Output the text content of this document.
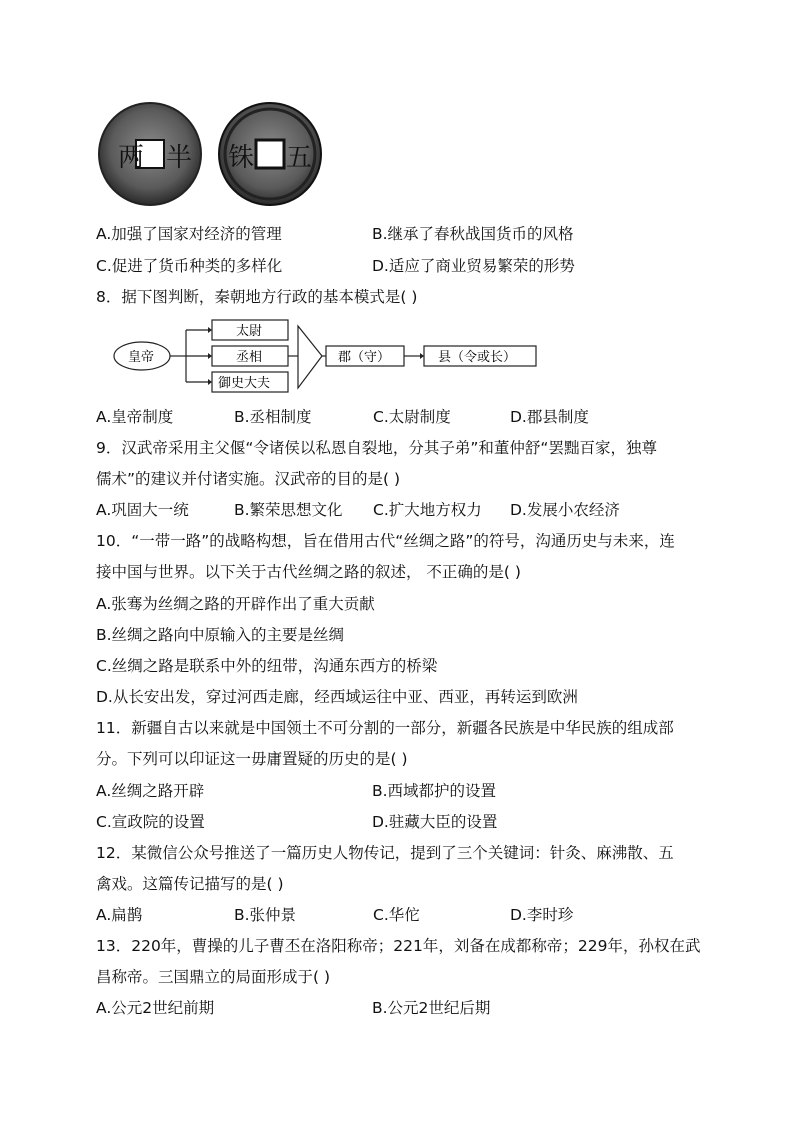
两 半	五
铢
A.加强了国家对经济的管理	B.继承了春秋战国货币的风格
C.促进了货币种类的多样化	D.适应了商业贸易繁荣的形势
8．据下图判断，秦朝地方行政的基本模式是( )
皇帝
太尉
丞相
御史大夫
郡（守）	县（令或长）
A.皇帝制度	B.丞相制度	C.太尉制度	D.郡县制度
9．汉武帝采用主父偃“令诸侯以私恩自裂地，分其子弟”和董仲舒“罢黜百家，独尊
儒术”的建议并付诸实施。汉武帝的目的是( )
A.巩固大一统	B.繁荣思想文化 C.扩大地方权力 D.发展小农经济
10．“一带一路”的战略构想，旨在借用古代“丝绸之路”的符号，沟通历史与未来，连
接中国与世界。以下关于古代丝绸之路的叙述， 不正确的是( )
A.张骞为丝绸之路的开辟作出了重大贡献
B.丝绸之路向中原输入的主要是丝绸
C.丝绸之路是联系中外的纽带，沟通东西方的桥梁
D.从长安出发，穿过河西走廊，经西域运往中亚、西亚，再转运到欧洲
11．新疆自古以来就是中国领土不可分割的一部分，新疆各民族是中华民族的组成部
分。下列可以印证这一毋庸置疑的历史的是( )
A.丝绸之路开辟	B.西域都护的设置
C.宣政院的设置	D.驻藏大臣的设置
12．某微信公众号推送了一篇历史人物传记，提到了三个关键词：针灸、麻沸散、五
禽戏。这篇传记描写的是( )
A.扁鹊	B.张仲景	C.华佗	D.李时珍
13．220年，曹操的儿子曹丕在洛阳称帝；221年，刘备在成都称帝；229年，孙权在武
昌称帝。三国鼎立的局面形成于( )
A.公元2世纪前期	B.公元2世纪后期
